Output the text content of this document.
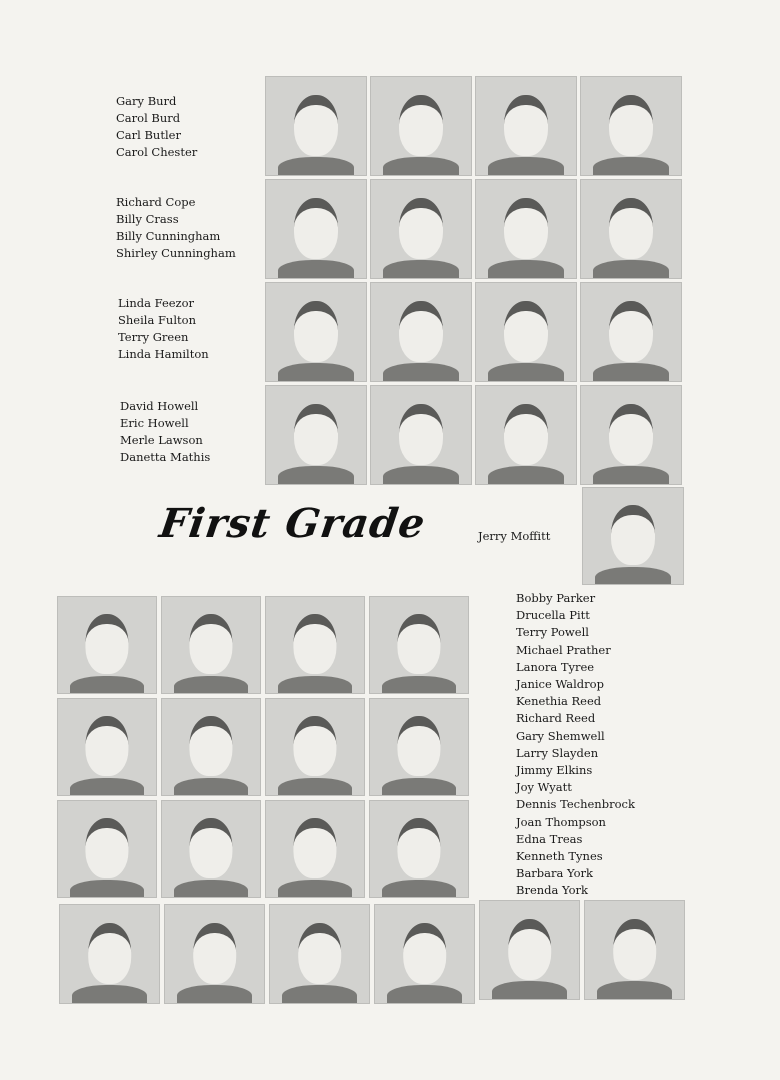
Gary Burd
Carol Burd
Carl Butler
Carol Chester
Richard Cope
Billy Crass
Billy Cunningham
Shirley Cunningham
Linda Feezor
Sheila Fulton
Terry Green
Linda Hamilton
David Howell
Eric Howell
Merle Lawson
Danetta Mathis
First Grade	Jerry Moffitt
Bobby Parker
Drucella Pitt
Terry Powell
Michael Prather
Lanora Tyree
Janice Waldrop
Kenethia Reed
Richard Reed
Gary Shemwell
Larry Slayden
Jimmy Elkins
Joy Wyatt
Dennis Techenbrock
Joan Thompson
Edna Treas
Kenneth Tynes
Barbara York
Brenda York
